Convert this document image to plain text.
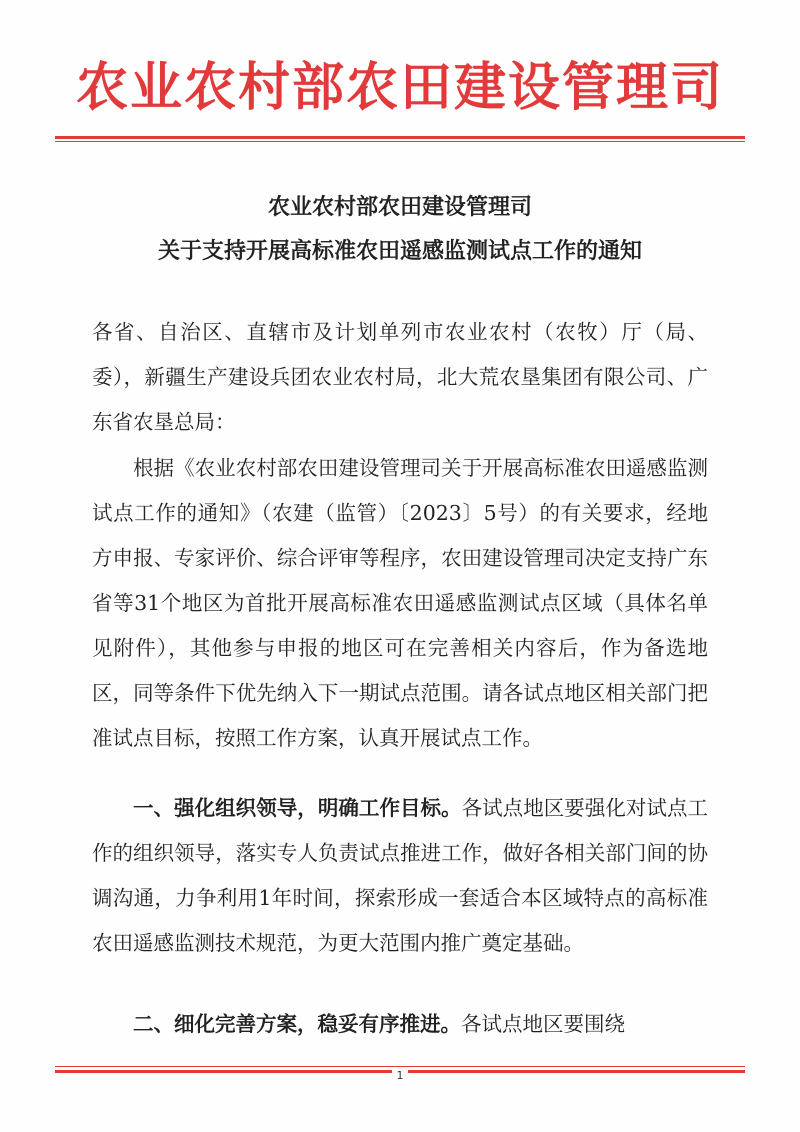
农业农村部农田建设管理司
农业农村部农田建设管理司
关于支持开展高标准农田遥感监测试点工作的通知
各省、自治区、直辖市及计划单列市农业农村（农牧）厅（局、委），新疆生产建设兵团农业农村局，北大荒农垦集团有限公司、广东省农垦总局：
根据《农业农村部农田建设管理司关于开展高标准农田遥感监测试点工作的通知》（农建（监管）〔2023〕5号）的有关要求，经地方申报、专家评价、综合评审等程序，农田建设管理司决定支持广东省等31个地区为首批开展高标准农田遥感监测试点区域（具体名单见附件），其他参与申报的地区可在完善相关内容后，作为备选地区，同等条件下优先纳入下一期试点范围。请各试点地区相关部门把准试点目标，按照工作方案，认真开展试点工作。
一、强化组织领导，明确工作目标。各试点地区要强化对试点工作的组织领导，落实专人负责试点推进工作，做好各相关部门间的协调沟通，力争利用1年时间，探索形成一套适合本区域特点的高标准农田遥感监测技术规范，为更大范围内推广奠定基础。
二、细化完善方案，稳妥有序推进。各试点地区要围绕
1
